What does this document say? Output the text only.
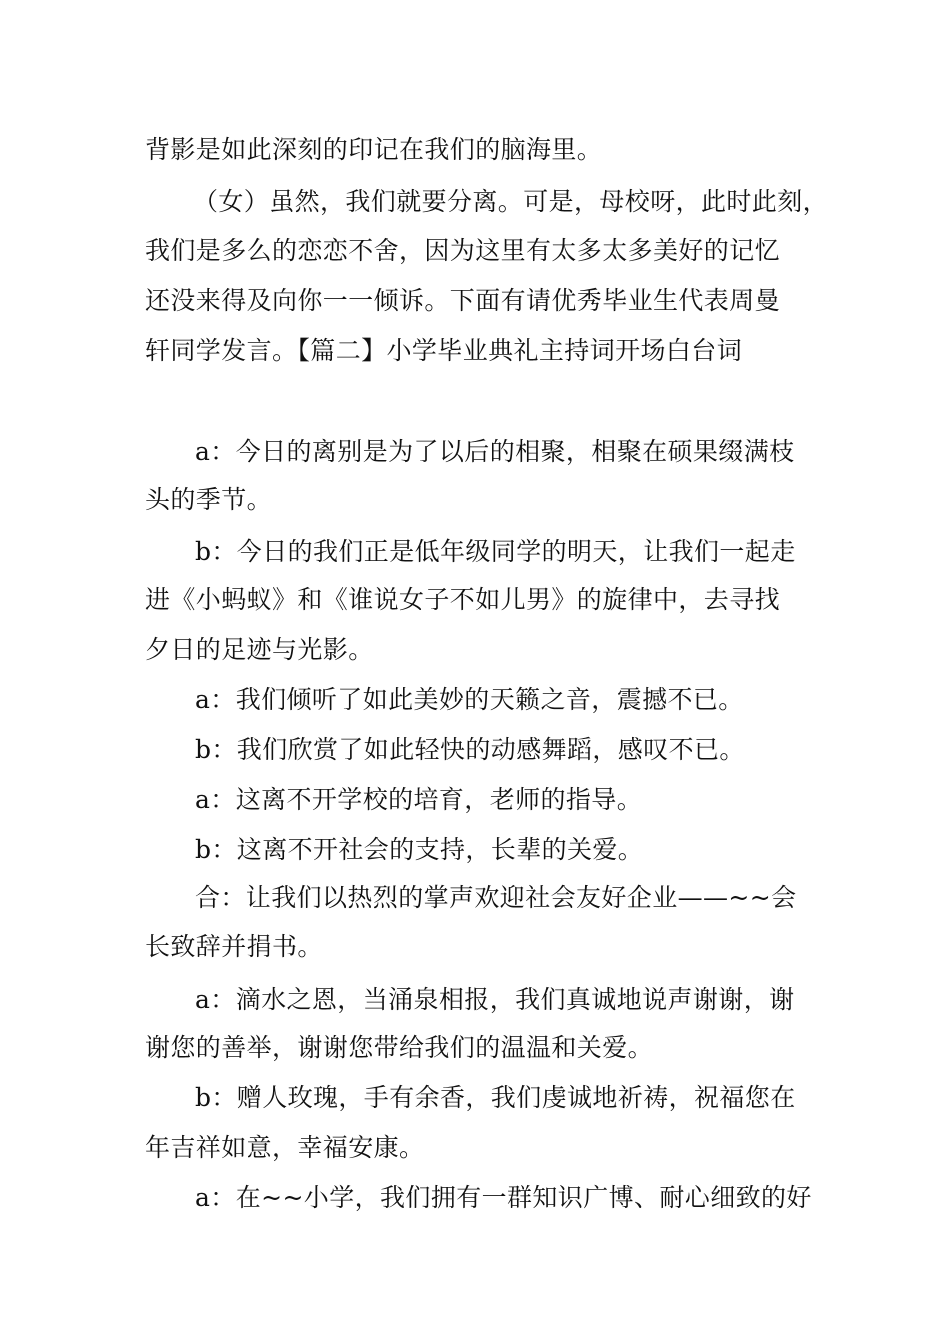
背影是如此深刻的印记在我们的脑海里。
（女）虽然，我们就要分离。可是，母校呀，此时此刻，
我们是多么的恋恋不舍，因为这里有太多太多美好的记忆
还没来得及向你一一倾诉。下面有请优秀毕业生代表周曼
轩同学发言。【篇二】小学毕业典礼主持词开场白台词
a：今日的离别是为了以后的相聚，相聚在硕果缀满枝
头的季节。
b：今日的我们正是低年级同学的明天，让我们一起走
进《小蚂蚁》和《谁说女子不如儿男》的旋律中，去寻找
夕日的足迹与光影。
a：我们倾听了如此美妙的天籁之音，震撼不已。
b：我们欣赏了如此轻快的动感舞蹈，感叹不已。
a：这离不开学校的培育，老师的指导。
b：这离不开社会的支持，长辈的关爱。
合：让我们以热烈的掌声欢迎社会友好企业——~~会
长致辞并捐书。
a：滴水之恩，当涌泉相报，我们真诚地说声谢谢，谢
谢您的善举，谢谢您带给我们的温温和关爱。
b：赠人玫瑰，手有余香，我们虔诚地祈祷，祝福您在
年吉祥如意，幸福安康。
a：在~~小学，我们拥有一群知识广博、耐心细致的好
